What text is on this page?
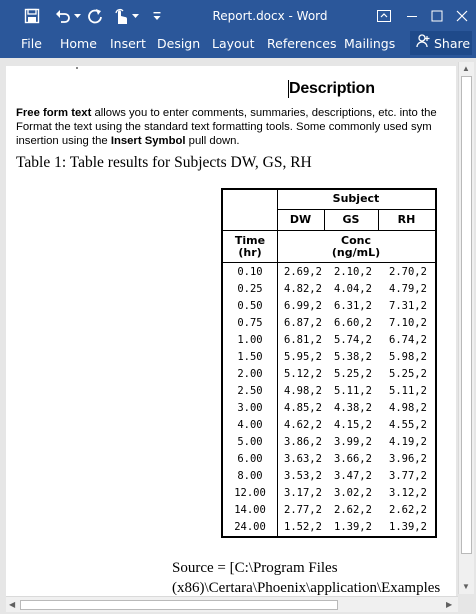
Report.docx - Word
File Home Insert Design Layout References Mailings	Share
Description
Free form text allows you to enter comments, summaries, descriptions, etc. into the
Format the text using the standard text formatting tools. Some commonly used sym
insertion using the Insert Symbol pull down.
Table 1: Table results for Subjects DW, GS, RH
Subject
DW	GS	RH
Time
(hr)
Conc
(ng/mL)
0.10	2.69,2 2.10,2 2.70,2
0.25	4.82,2 4.04,2 4.79,2
0.50	6.99,2 6.31,2 7.31,2
0.75	6.87,2 6.60,2 7.10,2
1.00	6.81,2 5.74,2 6.74,2
1.50	5.95,2 5.38,2 5.98,2
2.00	5.12,2 5.25,2 5.25,2
2.50	4.98,2 5.11,2 5.11,2
3.00	4.85,2 4.38,2 4.98,2
4.00	4.62,2 4.15,2 4.55,2
5.00	3.86,2 3.99,2 4.19,2
6.00	3.63,2 3.66,2 3.96,2
8.00	3.53,2 3.47,2 3.77,2
12.00	3.17,2 3.02,2 3.12,2
14.00	2.77,2 2.62,2 2.62,2
24.00	1.52,2 1.39,2 1.39,2
Source = [C:\Program Files
(x86)\Certara\Phoenix\application\Examples
▲
▼
◀	▶
